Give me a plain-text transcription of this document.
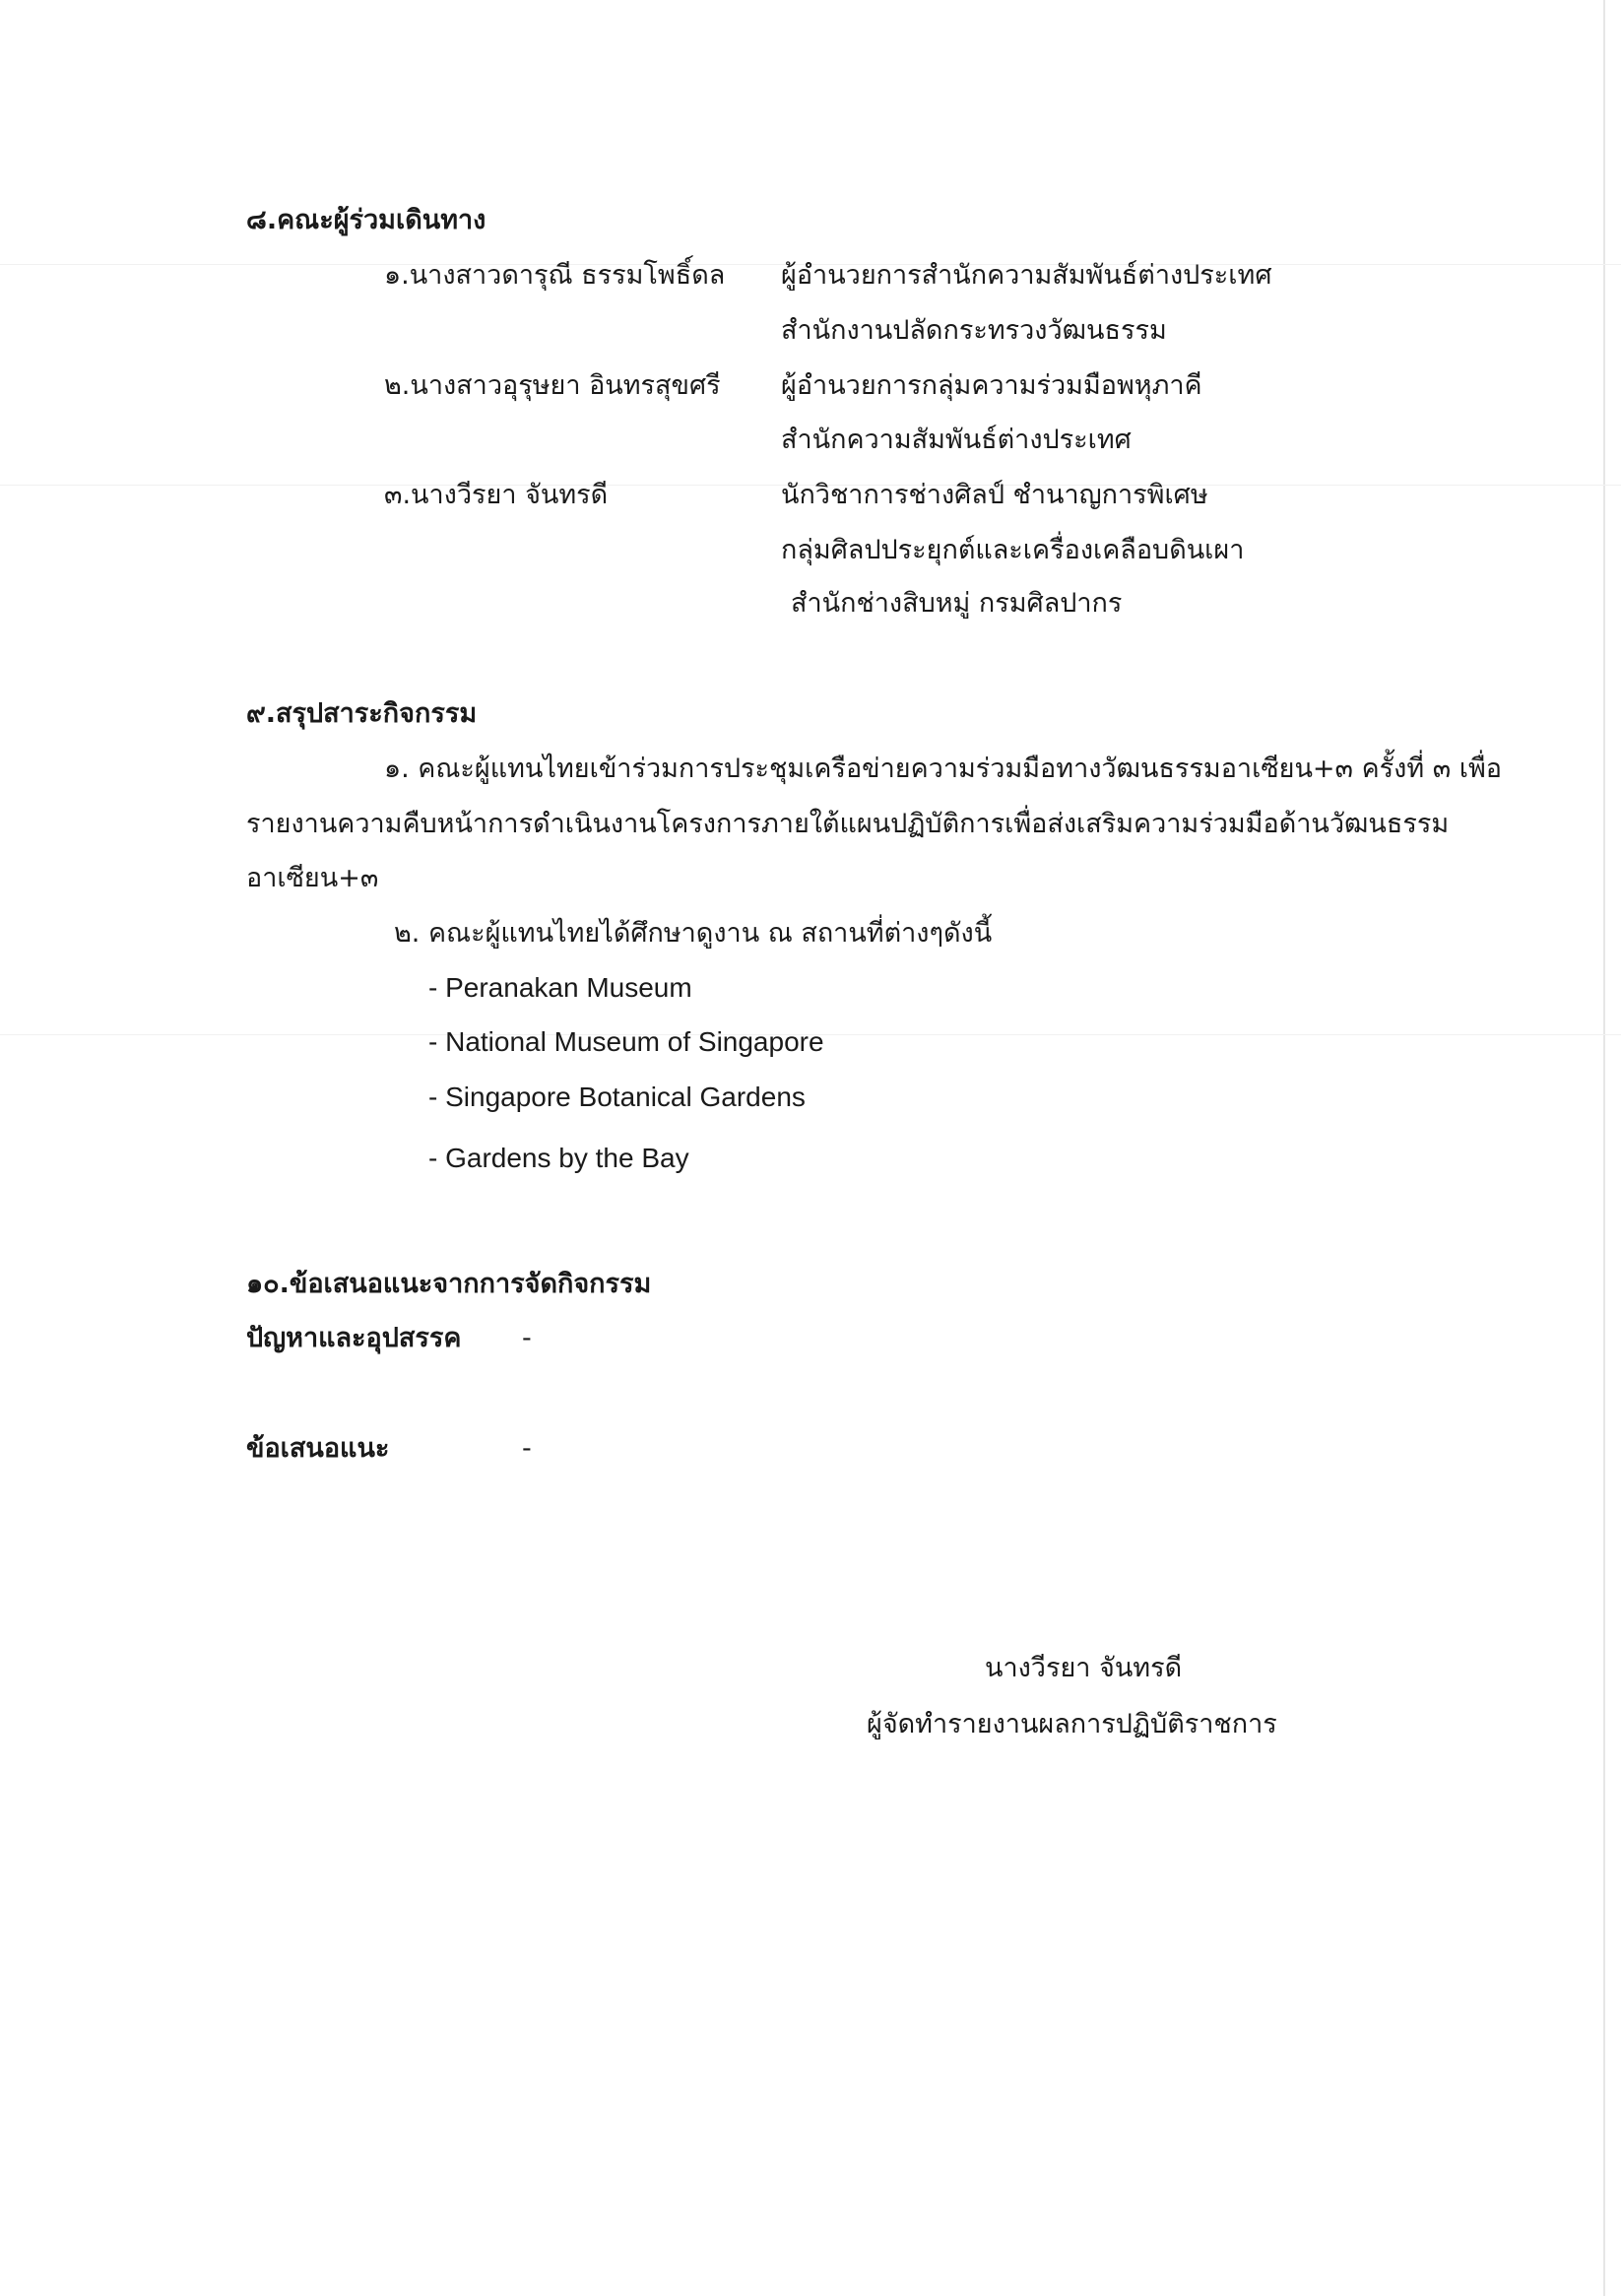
๘.คณะผู้ร่วมเดินทาง
๑.นางสาวดารุณี ธรรมโพธิ์ดล ผู้อำนวยการสำนักความสัมพันธ์ต่างประเทศ
สำนักงานปลัดกระทรวงวัฒนธรรม
๒.นางสาวอุรุษยา อินทรสุขศรี ผู้อำนวยการกลุ่มความร่วมมือพหุภาคี
สำนักความสัมพันธ์ต่างประเทศ
๓.นางวีรยา จันทรดี	นักวิชาการช่างศิลป์ ชำนาญการพิเศษ
กลุ่มศิลปประยุกต์และเครื่องเคลือบดินเผา
สำนักช่างสิบหมู่ กรมศิลปากร
๙.สรุปสาระกิจกรรม
๑. คณะผู้แทนไทยเข้าร่วมการประชุมเครือข่ายความร่วมมือทางวัฒนธรรมอาเซียน+๓ ครั้งที่ ๓ เพื่อ
รายงานความคืบหน้าการดำเนินงานโครงการภายใต้แผนปฏิบัติการเพื่อส่งเสริมความร่วมมือด้านวัฒนธรรม
อาเซียน+๓
๒. คณะผู้แทนไทยได้ศึกษาดูงาน ณ สถานที่ต่างๆดังนี้
- Peranakan Museum
- National Museum of Singapore
- Singapore Botanical Gardens
- Gardens by the Bay
๑๐.ข้อเสนอแนะจากการจัดกิจกรรม
ปัญหาและอุปสรรค -
ข้อเสนอแนะ	-
นางวีรยา จันทรดี
ผู้จัดทำรายงานผลการปฏิบัติราชการ
